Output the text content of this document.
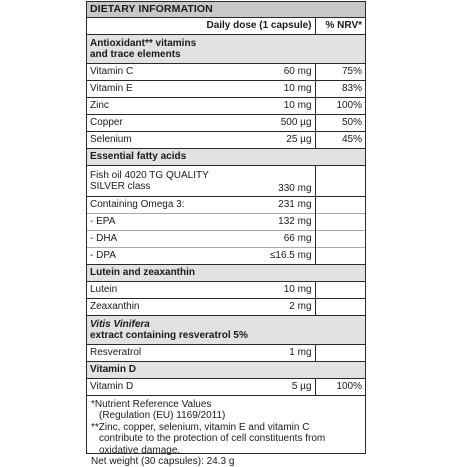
DIETARY INFORMATION
Daily dose (1 capsule)		% NRV*

Antioxidant** vitamins
and trace elements		

Vitamin C	60 mg	75%
Vitamin E	10 mg	83%
Zinc	10 mg	100%
Copper	500 µg	50%
Selenium	25 µg	45%
Essential fatty acids		

Fish oil 4020 TG QUALITY
SILVER class	330 mg	
Containing Omega 3:	231 mg	
- EPA	132 mg	
- DHA	66 mg	
- DPA	≤16.5 mg	
Lutein and zeaxanthin		
Lutein	10 mg	
Zeaxanthin	2 mg	

Vitis Vinifera
extract containing resveratrol 5%		

Resveratrol	1 mg	
Vitamin D		
Vitamin D	5 µg	100%
*Nutrient Reference Values
(Regulation (EU) 1169/2011)
**Zinc, copper, selenium, vitamin E and vitamin C
contribute to the protection of cell constituents from
oxidative damage.
Net weight (30 capsules): 24.3 g
